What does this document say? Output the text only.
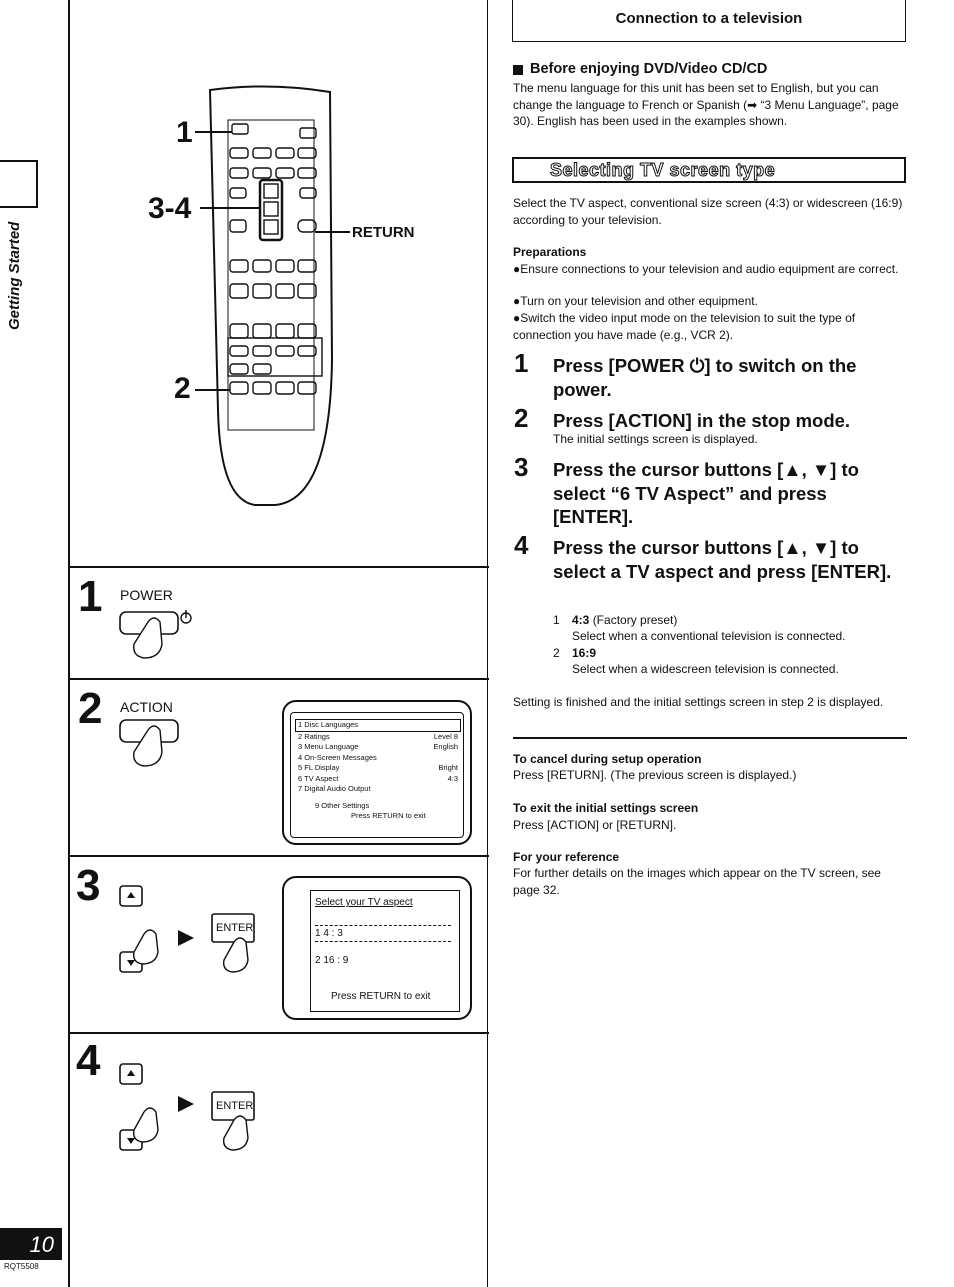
Getting Started
10
RQT5508
1
3-4
2
RETURN
1 POWER
2 ACTION
1 Disc Languages
2 Ratings	Level 8
3 Menu Language	English
4 On-Screen Messages
5 FL Display	Bright
6 TV Aspect	4:3
7 Digital Audio Output
9 Other Settings
Press RETURN to exit
3
ENTER
Select your TV aspect
1 4 : 3
2 16 : 9
Press RETURN to exit
4
ENTER
Connection to a television
Before enjoying DVD/Video CD/CD
The menu language for this unit has been set to English, but you can change the language to French or Spanish (➡ “3 Menu Language”, page 30). English has been used in the examples shown.
Selecting TV screen type
Select the TV aspect, conventional size screen (4:3) or widescreen (16:9) according to your television.
Preparations
●Ensure connections to your television and audio equipment are correct.
●Turn on your television and other equipment.
●Switch the video input mode on the television to suit the type of connection you have made (e.g., VCR 2).
1 Press [POWER ⏻] to switch on the power.
2 Press [ACTION] in the stop mode.
The initial settings screen is displayed.
3 Press the cursor buttons [▲, ▼] to select “6 TV Aspect” and press [ENTER].
4 Press the cursor buttons [▲, ▼] to select a TV aspect and press [ENTER].
1 4:3 (Factory preset)
Select when a conventional television is connected.
2 16:9
Select when a widescreen television is connected.
Setting is finished and the initial settings screen in step 2 is displayed.
To cancel during setup operation
Press [RETURN]. (The previous screen is displayed.)
To exit the initial settings screen
Press [ACTION] or [RETURN].
For your reference
For further details on the images which appear on the TV screen, see page 32.
